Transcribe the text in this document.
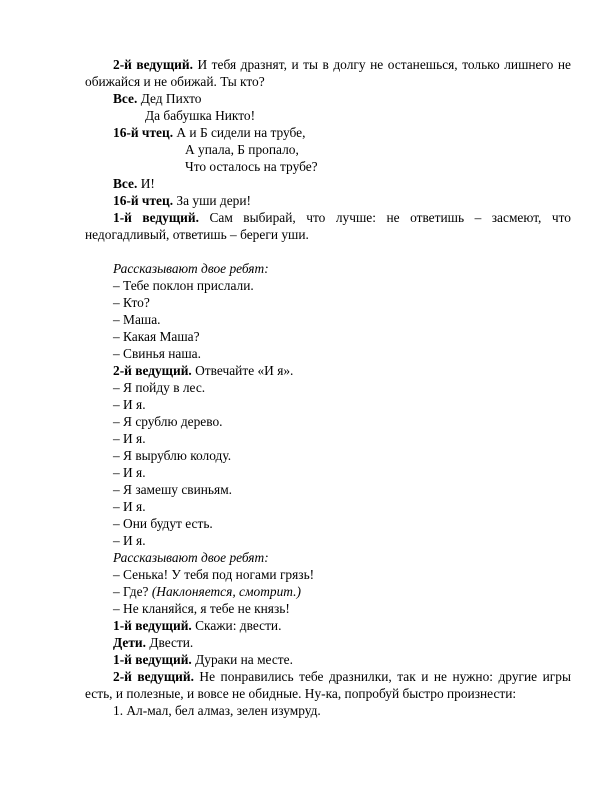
2-й ведущий. И тебя дразнят, и ты в долгу не останешься, только лишнего не обижайся и не обижай. Ты кто?

Все. Дед Пихто

Да бабушка Никто!

16-й чтец. А и Б сидели на трубе,

А упала, Б пропало,

Что осталось на трубе?

Все. И!

16-й чтец. За уши дери!

1-й ведущий. Сам выбирай, что лучше: не ответишь – засмеют, что недогадливый, ответишь – береги уши.

Рассказывают двое ребят:

– Тебе поклон прислали.

– Кто?

– Маша.

– Какая Маша?

– Свинья наша.

2-й ведущий. Отвечайте «И я».

– Я пойду в лес.

– И я.

– Я срублю дерево.

– И я.

– Я вырублю колоду.

– И я.

– Я замешу свиньям.

– И я.

– Они будут есть.

– И я.

Рассказывают двое ребят:

– Сенька! У тебя под ногами грязь!

– Где? (Наклоняется, смотрит.)

– Не кланяйся, я тебе не князь!

1-й ведущий. Скажи: двести.

Дети. Двести.

1-й ведущий. Дураки на месте.

2-й ведущий. Не понравились тебе дразнилки, так и не нужно: другие игры есть, и полезные, и вовсе не обидные. Ну-ка, попробуй быстро произнести:

1. Ал-мал, бел алмаз, зелен изумруд.
